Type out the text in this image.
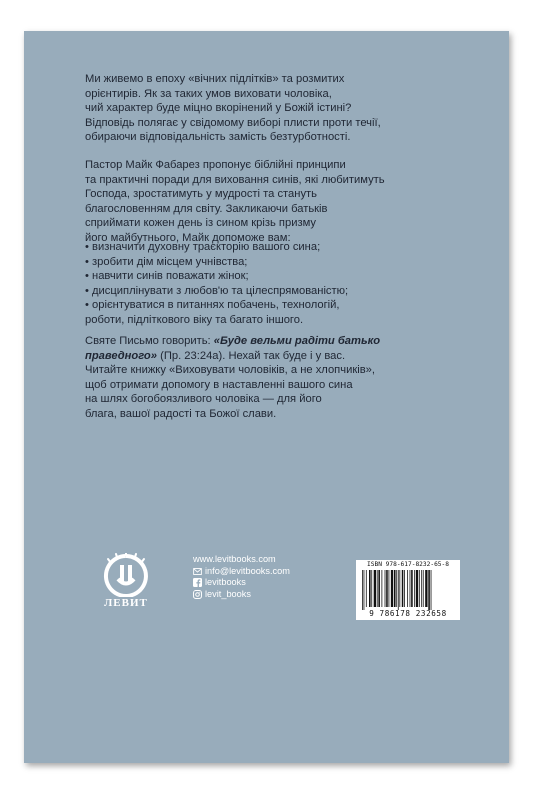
Ми живемо в епоху «вічних підлітків» та розмитих
орієнтирів. Як за таких умов виховати чоловіка,
чий характер буде міцно вкорінений у Божій істині?
Відповідь полягає у свідомому виборі плисти проти течії,
обираючи відповідальність замість безтурботності.
Пастор Майк Фабарез пропонує біблійні принципи
та практичні поради для виховання синів, які любитимуть
Господа, зростатимуть у мудрості та стануть
благословенням для світу. Закликаючи батьків
сприймати кожен день із сином крізь призму
його майбутнього, Майк допоможе вам:
• визначити духовну траєкторію вашого сина;
• зробити дім місцем учнівства;
• навчити синів поважати жінок;
• дисциплінувати з любов'ю та цілеспрямованістю;
• орієнтуватися в питаннях побачень, технологій,
роботи, підліткового віку та багато іншого.
Святе Письмо говорить: «Буде вельми радіти батько
праведного» (Пр. 23:24а). Нехай так буде і у вас.
Читайте книжку «Виховувати чоловіків, а не хлопчиків»,
щоб отримати допомогу в наставленні вашого сина
на шлях богобоязливого чоловіка — для його
блага, вашої радості та Божої слави.
ЛЕВИТ
www.levitbooks.com
info@levitbooks.com
levitbooks
levit_books
ISBN 978-617-8232-65-8
9 786178 232658
